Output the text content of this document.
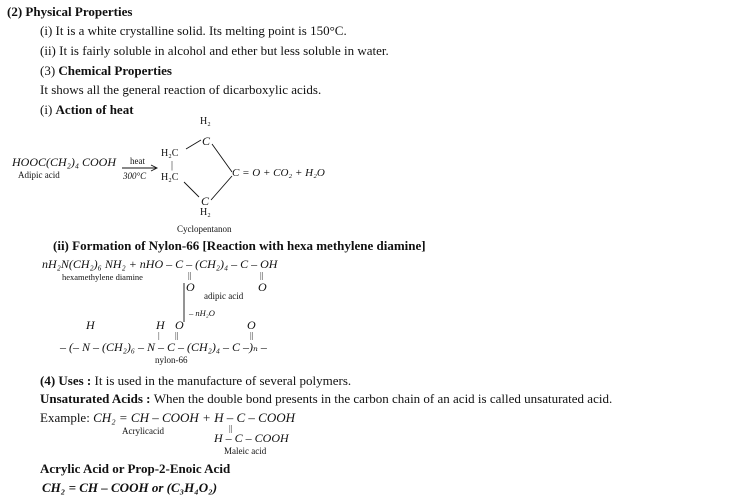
(2) Physical Properties
(i) It is a white crystalline solid. Its melting point is 150°C.
(ii) It is fairly soluble in alcohol and ether but less soluble in water.
(3) Chemical Properties
It shows all the general reaction of dicarboxylic acids.
(i) Action of heat
HOOC(CH₂)₄ COOH
Adipic acid
heat
300°C
H₂
C
H₂C
|
H₂C
C
H₂
C = O + CO₂ + H₂O
Cyclopentanon
(ii) Formation of Nylon-66 [Reaction with hexa methylene diamine]
nH₂N(CH₂)₆ NH₂ + nHO – C – (CH₂)₄ – C – OH
hexamethylene diamine	||
O
||
O
adipic acid
– nH₂O
H	H O	O
| ||	||
– (– N – (CH₂)₆ – N – C – (CH₂)₄ – C –)ₙ –
nylon-66
(4) Uses : It is used in the manufacture of several polymers.
Unsaturated Acids : When the double bond presents in the carbon chain of an acid is called unsaturated acid.
Example: CH₂ = CH – COOH + H – C – COOH
Acrylicacid	||
H – C – COOH
Maleic acid
Acrylic Acid or Prop-2-Enoic Acid
CH₂ = CH – COOH or (C₃H₄O₂)
